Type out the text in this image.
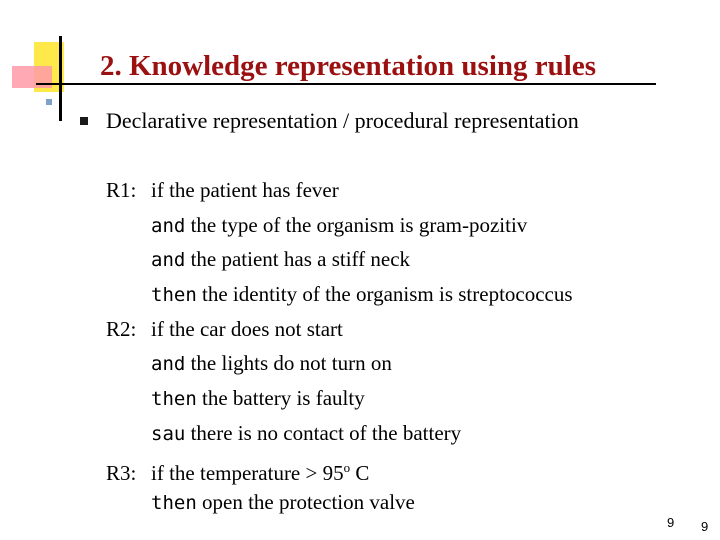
2. Knowledge representation using rules
Declarative representation / procedural representation
R1: if the patient has fever
and the type of the organism is gram-pozitiv
and the patient has a stiff neck
then the identity of the organism is streptococcus
R2: if the car does not start
and the lights do not turn on
then the battery is faulty
sau there is no contact of the battery
R3: if the temperature > $95^o$ C
then open the protection valve
9 9
